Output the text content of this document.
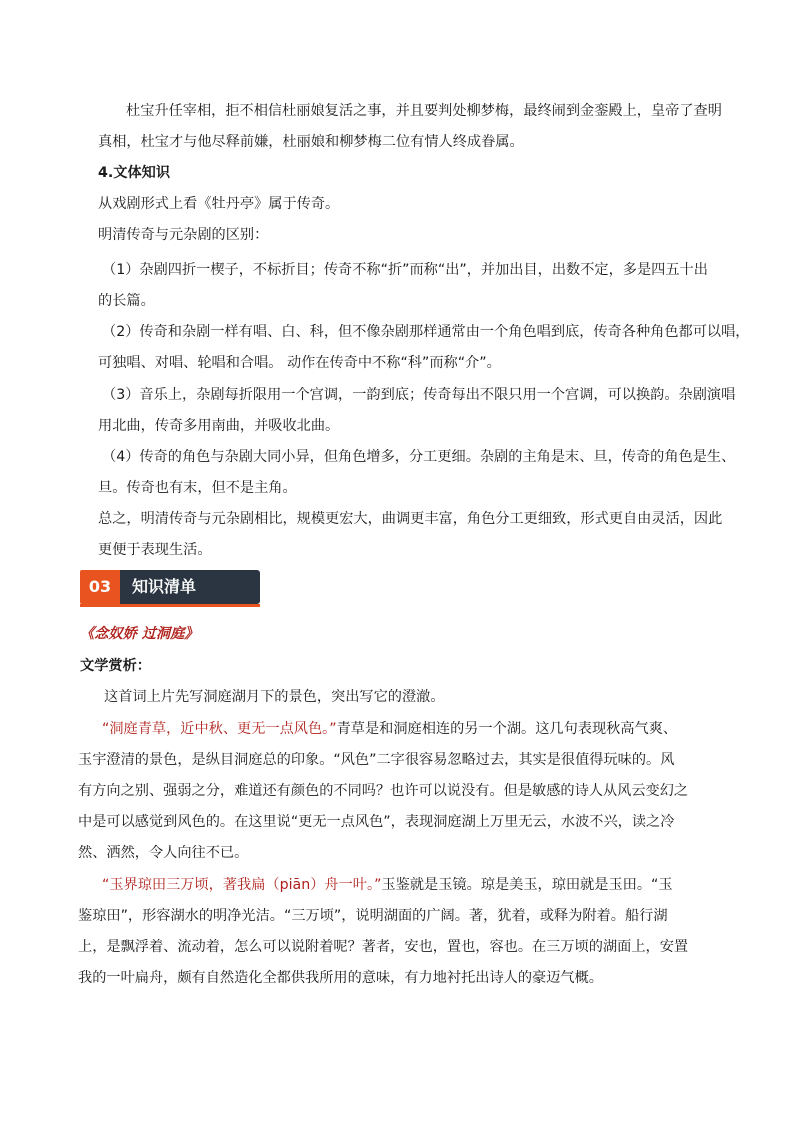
杜宝升任宰相，拒不相信杜丽娘复活之事，并且要判处柳梦梅，最终闹到金銮殿上，皇帝了查明

真相，杜宝才与他尽释前嫌，杜丽娘和柳梦梅二位有情人终成眷属。

4.文体知识

从戏剧形式上看《牡丹亭》属于传奇。

明清传奇与元杂剧的区别：

（1）杂剧四折一楔子，不标折目；传奇不称“折”而称“出”，并加出目，出数不定，多是四五十出

的长篇。

（2）传奇和杂剧一样有唱、白、科，但不像杂剧那样通常由一个角色唱到底，传奇各种角色都可以唱，

可独唱、对唱、轮唱和合唱。 动作在传奇中不称“科”而称“介”。

（3）音乐上，杂剧每折限用一个宫调，一韵到底；传奇每出不限只用一个宫调，可以换韵。杂剧演唱

用北曲，传奇多用南曲，并吸收北曲。

（4）传奇的角色与杂剧大同小异，但角色增多，分工更细。杂剧的主角是末、旦，传奇的角色是生、

旦。传奇也有末，但不是主角。

总之，明清传奇与元杂剧相比，规模更宏大，曲调更丰富，角色分工更细致，形式更自由灵活，因此

更便于表现生活。

03	知识清单

《念奴娇 过洞庭》

文学赏析：

这首词上片先写洞庭湖月下的景色，突出写它的澄澈。

“洞庭青草，近中秋、更无一点风色。”青草是和洞庭相连的另一个湖。这几句表现秋高气爽、

玉宇澄清的景色，是纵目洞庭总的印象。“风色”二字很容易忽略过去，其实是很值得玩味的。风

有方向之别、强弱之分，难道还有颜色的不同吗？也许可以说没有。但是敏感的诗人从风云变幻之

中是可以感觉到风色的。在这里说“更无一点风色”，表现洞庭湖上万里无云，水波不兴，读之冷

然、洒然，令人向往不已。

“玉界琼田三万顷，著我扁（piān）舟一叶。”玉鉴就是玉镜。琼是美玉，琼田就是玉田。“玉

鉴琼田”，形容湖水的明净光洁。“三万顷”，说明湖面的广阔。著，犹着，或释为附着。船行湖

上，是飘浮着、流动着，怎么可以说附着呢？著者，安也，置也，容也。在三万顷的湖面上，安置

我的一叶扁舟，颇有自然造化全都供我所用的意味，有力地衬托出诗人的豪迈气概。
